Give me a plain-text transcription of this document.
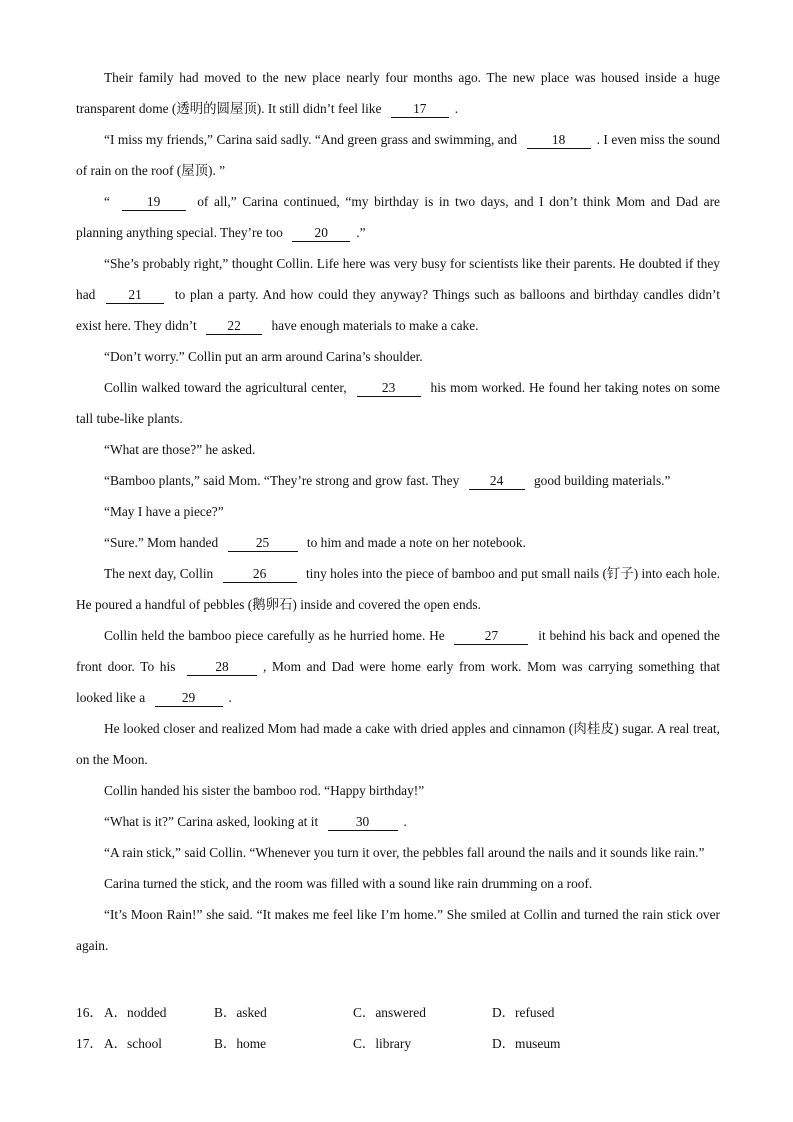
Their family had moved to the new place nearly four months ago. The new place was housed inside a huge transparent dome (透明的圆屋顶). It still didn’t feel like 17 .

“I miss my friends,” Carina said sadly. “And green grass and swimming, and 18 . I even miss the sound of rain on the roof (屋顶). ”

“ 19 of all,” Carina continued, “my birthday is in two days, and I don’t think Mom and Dad are planning anything special. They’re too 20 .”

“She’s probably right,” thought Collin. Life here was very busy for scientists like their parents. He doubted if they had 21 to plan a party. And how could they anyway? Things such as balloons and birthday candles didn’t exist here. They didn’t 22 have enough materials to make a cake.

“Don’t worry.” Collin put an arm around Carina’s shoulder.

Collin walked toward the agricultural center, 23 his mom worked. He found her taking notes on some tall tube-like plants.

“What are those?” he asked.

“Bamboo plants,” said Mom. “They’re strong and grow fast. They 24 good building materials.”

“May I have a piece?”

“Sure.” Mom handed	25	to him and made a note on her notebook.

The next day, Collin	26	tiny holes into the piece of bamboo and put small nails (钉子) into each hole. He poured a handful of pebbles (鹅卵石) inside and covered the open ends.

Collin held the bamboo piece carefully as he hurried home. He	27	it behind his back and opened the front door. To his	28	, Mom and Dad were home early from work. Mom was carrying something that looked like a 29 .

He looked closer and realized Mom had made a cake with dried apples and cinnamon (肉桂皮) sugar. A real treat, on the Moon.

Collin handed his sister the bamboo rod. “Happy birthday!”

“What is it?” Carina asked, looking at it	30	.

“A rain stick,” said Collin. “Whenever you turn it over, the pebbles fall around the nails and it sounds like rain.”

Carina turned the stick, and the room was filled with a sound like rain drumming on a roof.

“It’s Moon Rain!” she said. “It makes me feel like I’m home.” She smiled at Collin and turned the rain stick over again.

16． A．nodded	B．asked	C．answered	D．refused
17． A．school	B．home	C．library	D．museum
